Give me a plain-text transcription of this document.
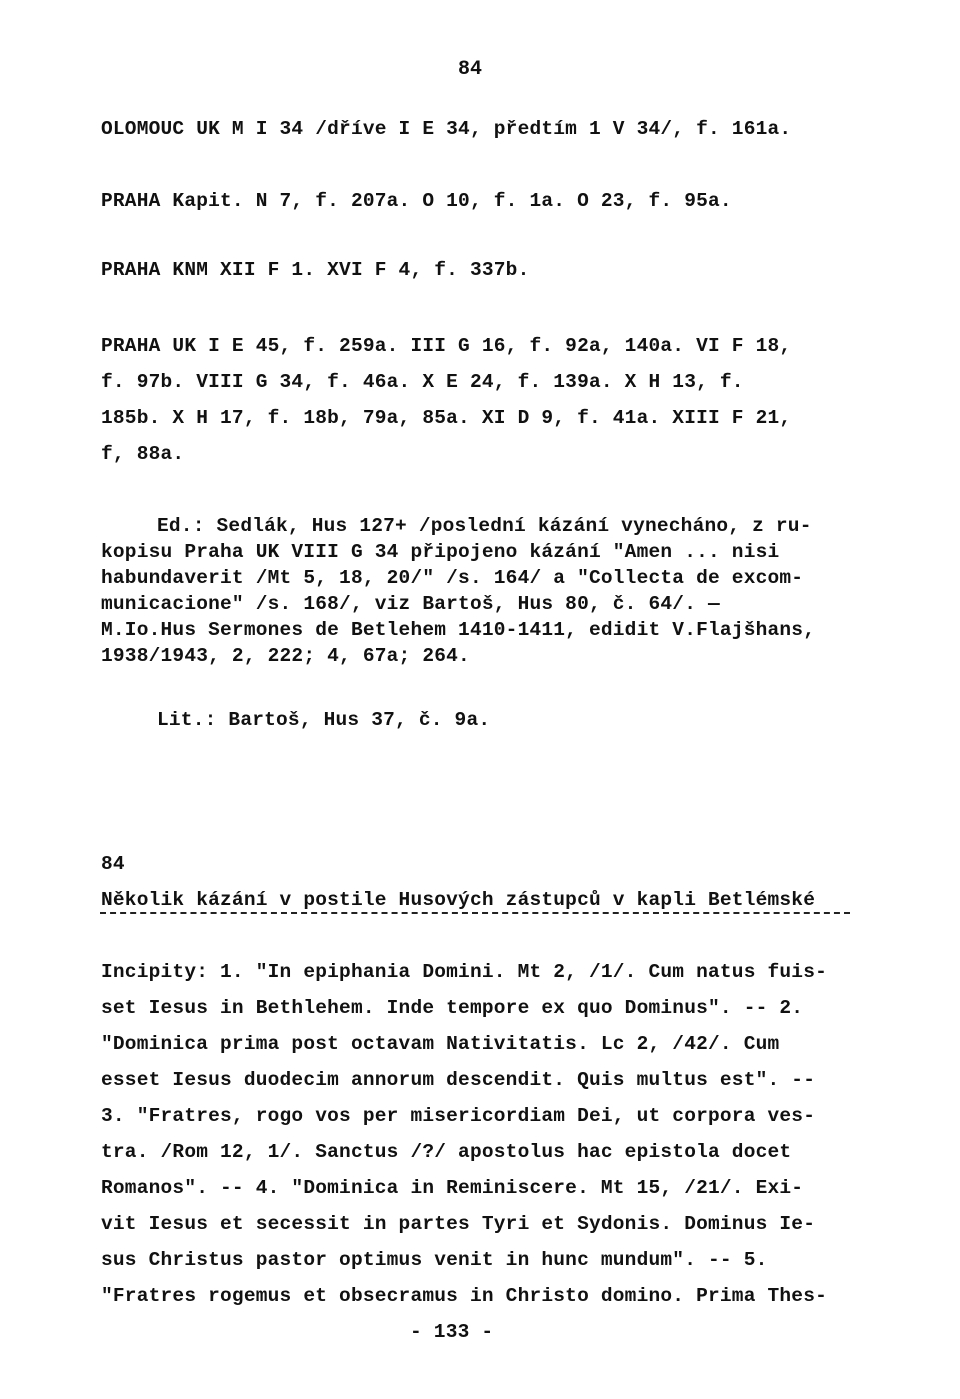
84
OLOMOUC UK M I 34 /dříve I E 34, předtím 1 V 34/, f. 161a.
PRAHA Kapit. N 7, f. 207a. O 10, f. 1a. O 23, f. 95a.
PRAHA KNM XII F 1. XVI F 4, f. 337b.
PRAHA UK I E 45, f. 259a. III G 16, f. 92a, 140a. VI F 18,
f. 97b. VIII G 34, f. 46a. X E 24, f. 139a. X H 13, f.
185b. X H 17, f. 18b, 79a, 85a. XI D 9, f. 41a. XIII F 21,
f, 88a.
Ed.: Sedlák, Hus 127+ /poslední kázání vynecháno, z ru-
kopisu Praha UK VIII G 34 připojeno kázání "Amen ... nisi
habundaverit /Mt 5, 18, 20/" /s. 164/ a "Collecta de excom-
municacione" /s. 168/, viz Bartoš, Hus 80, č. 64/. —
M.Io.Hus Sermones de Betlehem 1410-1411, edidit V.Flajšhans,
1938/1943, 2, 222; 4, 67a; 264.
Lit.: Bartoš, Hus 37, č. 9a.
84
Několik kázání v postile Husových zástupců v kapli Betlémské
Incipity: 1. "In epiphania Domini. Mt 2, /1/. Cum natus fuis-
set Iesus in Bethlehem. Inde tempore ex quo Dominus". -- 2.
"Dominica prima post octavam Nativitatis. Lc 2, /42/. Cum
esset Iesus duodecim annorum descendit. Quis multus est". --
3. "Fratres, rogo vos per misericordiam Dei, ut corpora ves-
tra. /Rom 12, 1/. Sanctus /?/ apostolus hac epistola docet
Romanos". -- 4. "Dominica in Reminiscere. Mt 15, /21/. Exi-
vit Iesus et secessit in partes Tyri et Sydonis. Dominus Ie-
sus Christus pastor optimus venit in hunc mundum". -- 5.
"Fratres rogemus et obsecramus in Christo domino. Prima Thes-
- 133 -
